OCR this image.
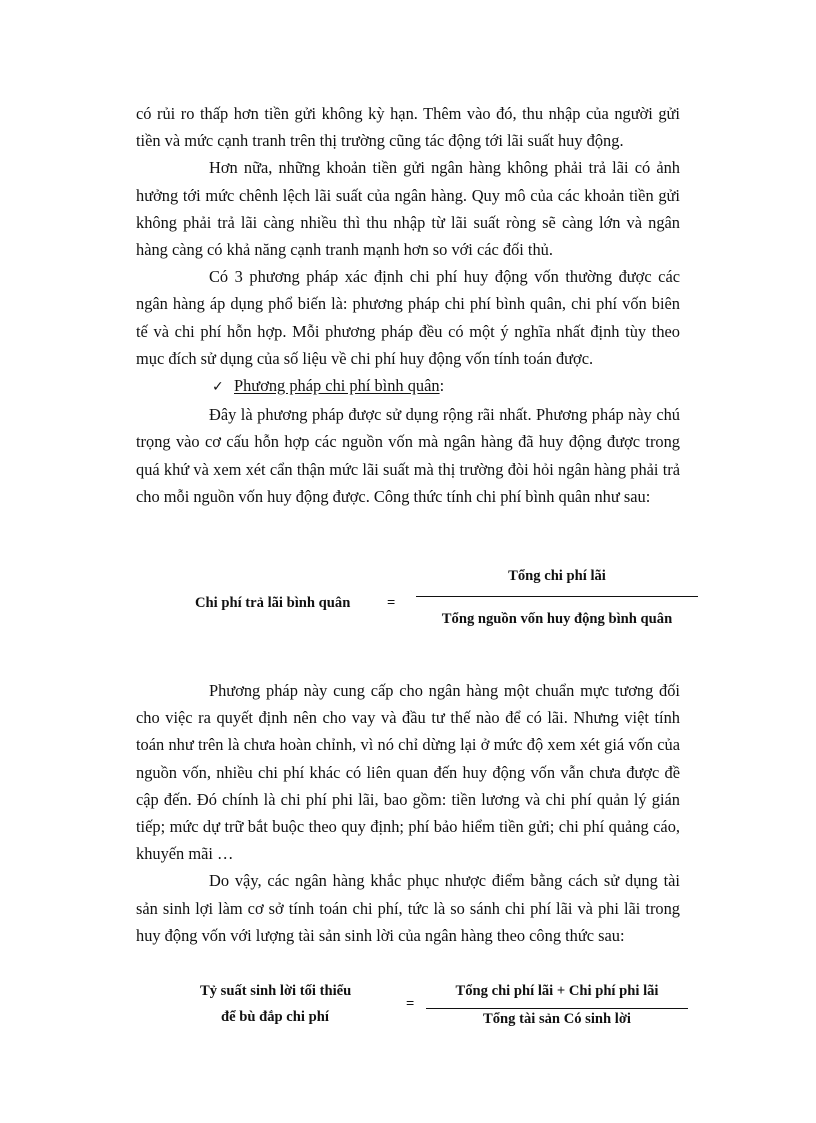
có rủi ro thấp hơn tiền gửi không kỳ hạn. Thêm vào đó, thu nhập của người gửi tiền và mức cạnh tranh trên thị trường cũng tác động tới lãi suất huy động.

Hơn nữa, những khoản tiền gửi ngân hàng không phải trả lãi có ảnh hưởng tới mức chênh lệch lãi suất của ngân hàng. Quy mô của các khoản tiền gửi không phải trả lãi càng nhiều thì thu nhập từ lãi suất ròng sẽ càng lớn và ngân hàng càng có khả năng cạnh tranh mạnh hơn so với các đối thủ.

Có 3 phương pháp xác định chi phí huy động vốn thường được các ngân hàng áp dụng phổ biến là: phương pháp chi phí bình quân, chi phí vốn biên tế và chi phí hỗn hợp. Mỗi phương pháp đều có một ý nghĩa nhất định tùy theo mục đích sử dụng của số liệu về chi phí huy động vốn tính toán được.

✓ Phương pháp chi phí bình quân:

Đây là phương pháp được sử dụng rộng rãi nhất. Phương pháp này chú trọng vào cơ cấu hỗn hợp các nguồn vốn mà ngân hàng đã huy động được trong quá khứ và xem xét cẩn thận mức lãi suất mà thị trường đòi hỏi ngân hàng phải trả cho mỗi nguồn vốn huy động được. Công thức tính chi phí bình quân như sau:

Chi phí trả lãi bình quân	=
Tổng chi phí lãi
Tổng nguồn vốn huy động bình quân

Phương pháp này cung cấp cho ngân hàng một chuẩn mực tương đối cho việc ra quyết định nên cho vay và đầu tư thế nào để có lãi. Nhưng việt tính toán như trên là chưa hoàn chỉnh, vì nó chỉ dừng lại ở mức độ xem xét giá vốn của nguồn vốn, nhiều chi phí khác có liên quan đến huy động vốn vẫn chưa được đề cập đến. Đó chính là chi phí phi lãi, bao gồm: tiền lương và chi phí quản lý gián tiếp; mức dự trữ bắt buộc theo quy định; phí bảo hiểm tiền gửi; chi phí quảng cáo, khuyến mãi …

Do vậy, các ngân hàng khắc phục nhược điểm bằng cách sử dụng tài sản sinh lợi làm cơ sở tính toán chi phí, tức là so sánh chi phí lãi và phi lãi trong huy động vốn với lượng tài sản sinh lời của ngân hàng theo công thức sau:

Tỷ suất sinh lời tối thiểu
để bù đắp chi phí
=
Tổng chi phí lãi + Chi phí phi lãi
Tổng tài sản Có sinh lời
